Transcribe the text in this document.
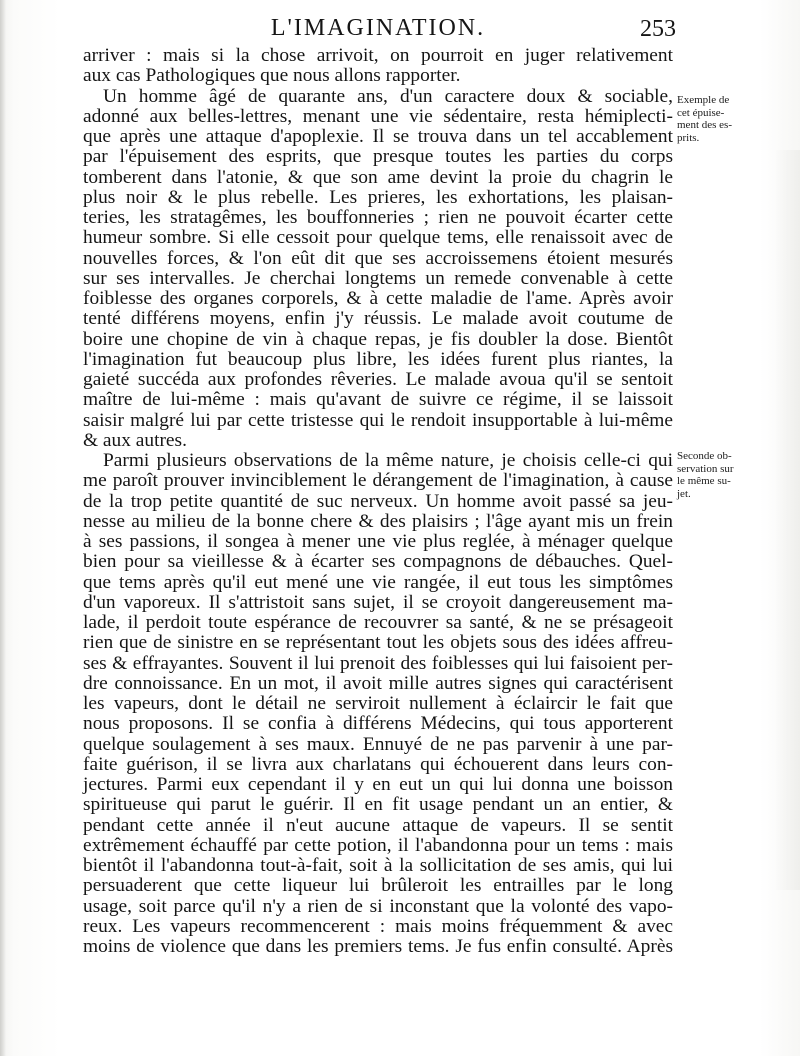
L'IMAGINATION.	253
arriver : mais si la chose arrivoit, on pourroit en juger relativement
aux cas Pathologiques que nous allons rapporter.
Un homme âgé de quarante ans, d'un caractere doux & sociable,
adonné aux belles-lettres, menant une vie sédentaire, resta hémiplecti-
que après une attaque d'apoplexie. Il se trouva dans un tel accablement
par l'épuisement des esprits, que presque toutes les parties du corps
tomberent dans l'atonie, & que son ame devint la proie du chagrin le
plus noir & le plus rebelle. Les prieres, les exhortations, les plaisan-
teries, les stratagêmes, les bouffonneries ; rien ne pouvoit écarter cette
humeur sombre. Si elle cessoit pour quelque tems, elle renaissoit avec de
nouvelles forces, & l'on eût dit que ses accroissemens étoient mesurés
sur ses intervalles. Je cherchai longtems un remede convenable à cette
foiblesse des organes corporels, & à cette maladie de l'ame. Après avoir
tenté différens moyens, enfin j'y réussis. Le malade avoit coutume de
boire une chopine de vin à chaque repas, je fis doubler la dose. Bientôt
l'imagination fut beaucoup plus libre, les idées furent plus riantes, la
gaieté succéda aux profondes rêveries. Le malade avoua qu'il se sentoit
maître de lui-même : mais qu'avant de suivre ce régime, il se laissoit
saisir malgré lui par cette tristesse qui le rendoit insupportable à lui-même
& aux autres.
Parmi plusieurs observations de la même nature, je choisis celle-ci qui
me paroît prouver invinciblement le dérangement de l'imagination, à cause
de la trop petite quantité de suc nerveux. Un homme avoit passé sa jeu-
nesse au milieu de la bonne chere & des plaisirs ; l'âge ayant mis un frein
à ses passions, il songea à mener une vie plus reglée, à ménager quelque
bien pour sa vieillesse & à écarter ses compagnons de débauches. Quel-
que tems après qu'il eut mené une vie rangée, il eut tous les simptômes
d'un vaporeux. Il s'attristoit sans sujet, il se croyoit dangereusement ma-
lade, il perdoit toute espérance de recouvrer sa santé, & ne se présageoit
rien que de sinistre en se représentant tout les objets sous des idées affreu-
ses & effrayantes. Souvent il lui prenoit des foiblesses qui lui faisoient per-
dre connoissance. En un mot, il avoit mille autres signes qui caractérisent
les vapeurs, dont le détail ne serviroit nullement à éclaircir le fait que
nous proposons. Il se confia à différens Médecins, qui tous apporterent
quelque soulagement à ses maux. Ennuyé de ne pas parvenir à une par-
faite guérison, il se livra aux charlatans qui échouerent dans leurs con-
jectures. Parmi eux cependant il y en eut un qui lui donna une boisson
spiritueuse qui parut le guérir. Il en fit usage pendant un an entier, &
pendant cette année il n'eut aucune attaque de vapeurs. Il se sentit
extrêmement échauffé par cette potion, il l'abandonna pour un tems : mais
bientôt il l'abandonna tout-à-fait, soit à la sollicitation de ses amis, qui lui
persuaderent que cette liqueur lui brûleroit les entrailles par le long
usage, soit parce qu'il n'y a rien de si inconstant que la volonté des vapo-
reux. Les vapeurs recommencerent : mais moins fréquemment & avec
moins de violence que dans les premiers tems. Je fus enfin consulté. Après
Exemple de
cet épuise-
ment des es-
prits.
Seconde ob-
servation sur
le même su-
jet.
